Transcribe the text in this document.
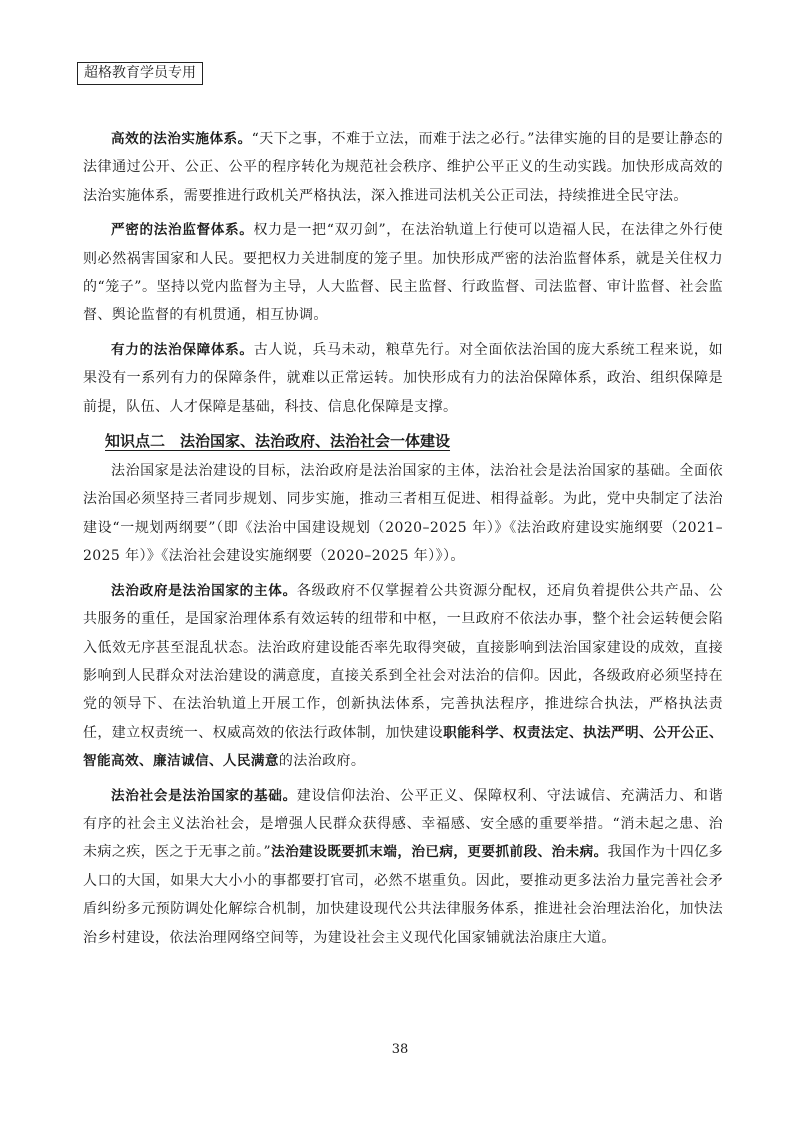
超格教育学员专用

高效的法治实施体系。“天下之事，不难于立法，而难于法之必行。”法律实施的目的是要让静态的法律通过公开、公正、公平的程序转化为规范社会秩序、维护公平正义的生动实践。加快形成高效的法治实施体系，需要推进行政机关严格执法，深入推进司法机关公正司法，持续推进全民守法。

严密的法治监督体系。权力是一把“双刃剑”，在法治轨道上行使可以造福人民，在法律之外行使则必然祸害国家和人民。要把权力关进制度的笼子里。加快形成严密的法治监督体系，就是关住权力的“笼子”。坚持以党内监督为主导，人大监督、民主监督、行政监督、司法监督、审计监督、社会监督、舆论监督的有机贯通，相互协调。

有力的法治保障体系。古人说，兵马未动，粮草先行。对全面依法治国的庞大系统工程来说，如果没有一系列有力的保障条件，就难以正常运转。加快形成有力的法治保障体系，政治、组织保障是前提，队伍、人才保障是基础，科技、信息化保障是支撑。

知识点二　法治国家、法治政府、法治社会一体建设

法治国家是法治建设的目标，法治政府是法治国家的主体，法治社会是法治国家的基础。全面依法治国必须坚持三者同步规划、同步实施，推动三者相互促进、相得益彰。为此，党中央制定了法治建设“一规划两纲要”（即《法治中国建设规划（2020–2025 年）》《法治政府建设实施纲要（2021–2025 年）》《法治社会建设实施纲要（2020–2025 年）》）。

法治政府是法治国家的主体。各级政府不仅掌握着公共资源分配权，还肩负着提供公共产品、公共服务的重任，是国家治理体系有效运转的纽带和中枢，一旦政府不依法办事，整个社会运转便会陷入低效无序甚至混乱状态。法治政府建设能否率先取得突破，直接影响到法治国家建设的成效，直接影响到人民群众对法治建设的满意度，直接关系到全社会对法治的信仰。因此，各级政府必须坚持在党的领导下、在法治轨道上开展工作，创新执法体系，完善执法程序，推进综合执法，严格执法责任，建立权责统一、权威高效的依法行政体制，加快建设职能科学、权责法定、执法严明、公开公正、智能高效、廉洁诚信、人民满意的法治政府。

法治社会是法治国家的基础。建设信仰法治、公平正义、保障权利、守法诚信、充满活力、和谐有序的社会主义法治社会，是增强人民群众获得感、幸福感、安全感的重要举措。“消未起之患、治未病之疾，医之于无事之前。”法治建设既要抓末端，治已病，更要抓前段、治未病。我国作为十四亿多人口的大国，如果大大小小的事都要打官司，必然不堪重负。因此，要推动更多法治力量完善社会矛盾纠纷多元预防调处化解综合机制，加快建设现代公共法律服务体系，推进社会治理法治化，加快法治乡村建设，依法治理网络空间等，为建设社会主义现代化国家铺就法治康庄大道。

38
